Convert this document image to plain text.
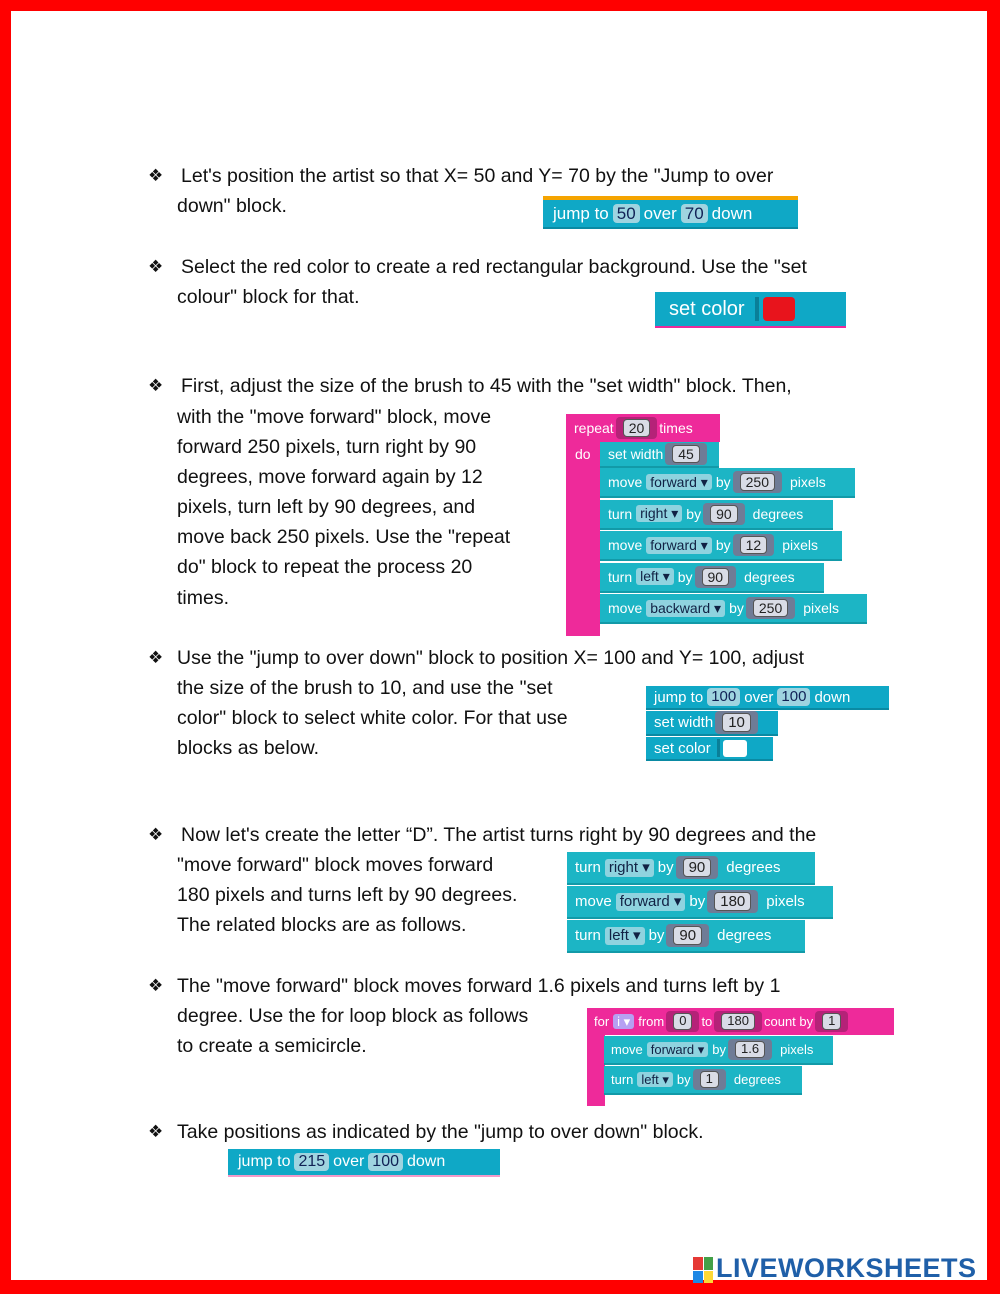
❖ Let's position the artist so that X= 50 and Y= 70 by the "Jump to over
down" block.	jump to 50 over 70 down
❖ Select the red color to create a red rectangular background. Use the "set
colour" block for that.
set color
❖ First, adjust the size of the brush to 45 with the "set width" block. Then,
with the "move forward" block, move
forward 250 pixels, turn right by 90
degrees, move forward again by 12
pixels, turn left by 90 degrees, and
move back 250 pixels. Use the "repeat
do" block to repeat the process 20
times.
repeat	20	times
do set width	45
move forward ▾ by	250	pixels
turn right ▾ by	90	degrees
move forward ▾ by	12	pixels
turn left ▾ by	90	degrees
move backward ▾ by	250	pixels
❖ Use the "jump to over down" block to position X= 100 and Y= 100, adjust
the size of the brush to 10, and use the "set
color" block to select white color. For that use
blocks as below.
jump to 100 over 100 down
set width	10
set color
❖ Now let's create the letter “D”. The artist turns right by 90 degrees and the
"move forward" block moves forward
180 pixels and turns left by 90 degrees.
The related blocks are as follows.
turn right ▾ by	90	degrees
move forward ▾ by	180	pixels
turn left ▾ by	90	degrees
❖ The "move forward" block moves forward 1.6 pixels and turns left by 1
degree. Use the for loop block as follows
to create a semicircle.
for i ▾ from	0	to	180	count by	1
move forward ▾ by	1.6	pixels
turn left ▾ by	1	degrees
❖ Take positions as indicated by the "jump to over down" block.
jump to 215 over 100 down
LIVEWORKSHEETS
